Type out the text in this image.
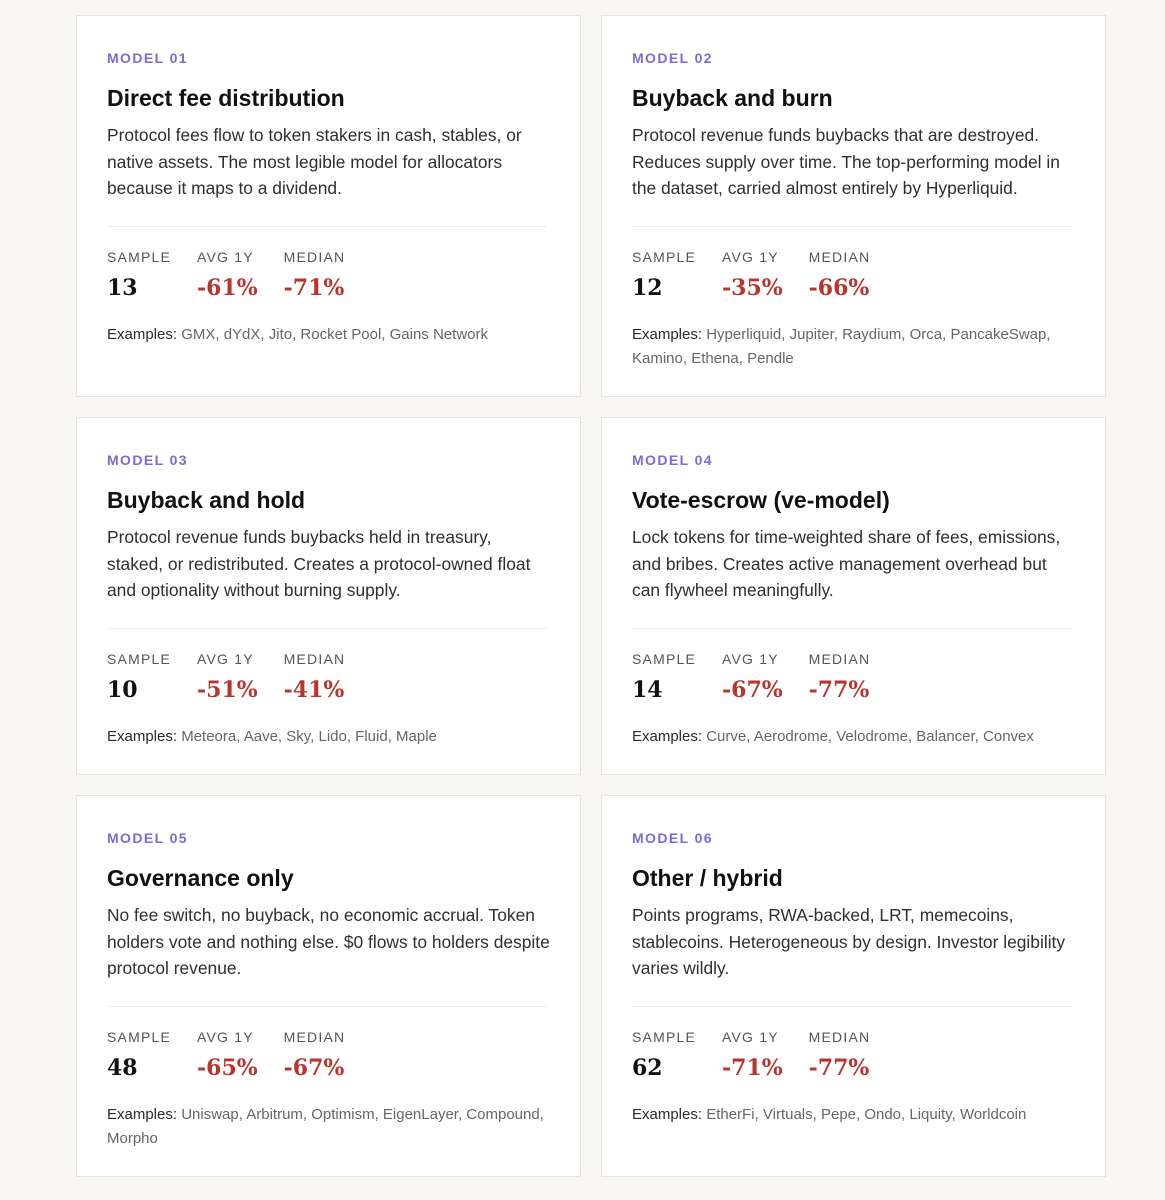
MODEL 01

Direct fee distribution

Protocol fees flow to token stakers in cash, stables, or native assets. The most legible model for allocators because it maps to a dividend.

SAMPLE
13
AVG 1Y
-61%
MEDIAN
-71%
Examples: GMX, dYdX, Jito, Rocket Pool, Gains Network

MODEL 02

Buyback and burn

Protocol revenue funds buybacks that are destroyed. Reduces supply over time. The top-performing model in the dataset, carried almost entirely by Hyperliquid.

SAMPLE
12
AVG 1Y
-35%
MEDIAN
-66%
Examples: Hyperliquid, Jupiter, Raydium, Orca, PancakeSwap, Kamino, Ethena, Pendle

MODEL 03

Buyback and hold

Protocol revenue funds buybacks held in treasury, staked, or redistributed. Creates a protocol-owned float and optionality without burning supply.

SAMPLE
10
AVG 1Y
-51%
MEDIAN
-41%
Examples: Meteora, Aave, Sky, Lido, Fluid, Maple

MODEL 04

Vote-escrow (ve-model)

Lock tokens for time-weighted share of fees, emissions, and bribes. Creates active management overhead but can flywheel meaningfully.

SAMPLE
14
AVG 1Y
-67%
MEDIAN
-77%
Examples: Curve, Aerodrome, Velodrome, Balancer, Convex

MODEL 05

Governance only

No fee switch, no buyback, no economic accrual. Token holders vote and nothing else. $0 flows to holders despite protocol revenue.

SAMPLE
48
AVG 1Y
-65%
MEDIAN
-67%
Examples: Uniswap, Arbitrum, Optimism, EigenLayer, Compound, Morpho

MODEL 06

Other / hybrid

Points programs, RWA-backed, LRT, memecoins, stablecoins. Heterogeneous by design. Investor legibility varies wildly.

SAMPLE
62
AVG 1Y
-71%
MEDIAN
-77%
Examples: EtherFi, Virtuals, Pepe, Ondo, Liquity, Worldcoin
